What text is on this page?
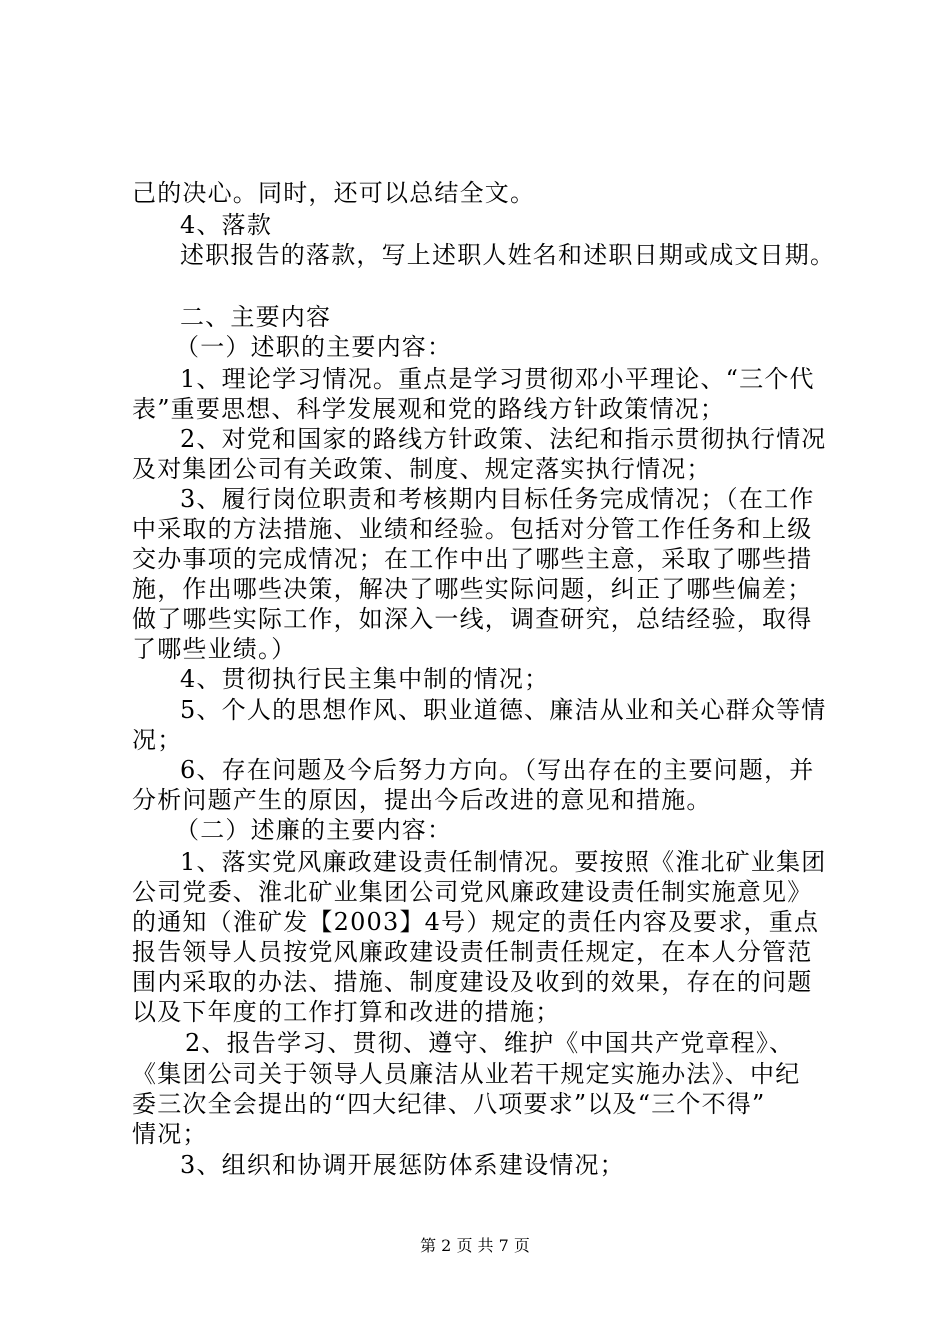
己的决心。同时，还可以总结全文。
4、落款
述职报告的落款，写上述职人姓名和述职日期或成文日期。
二、主要内容
（一）述职的主要内容：
1、理论学习情况。重点是学习贯彻邓小平理论、“三个代
表”重要思想、科学发展观和党的路线方针政策情况；
2、对党和国家的路线方针政策、法纪和指示贯彻执行情况
及对集团公司有关政策、制度、规定落实执行情况；
3、履行岗位职责和考核期内目标任务完成情况；（在工作
中采取的方法措施、业绩和经验。包括对分管工作任务和上级
交办事项的完成情况；在工作中出了哪些主意，采取了哪些措
施，作出哪些决策，解决了哪些实际问题，纠正了哪些偏差；
做了哪些实际工作，如深入一线，调查研究，总结经验，取得
了哪些业绩。）
4、贯彻执行民主集中制的情况；
5、个人的思想作风、职业道德、廉洁从业和关心群众等情
况；
6、存在问题及今后努力方向。（写出存在的主要问题，并
分析问题产生的原因，提出今后改进的意见和措施。
（二）述廉的主要内容：
1、落实党风廉政建设责任制情况。要按照《淮北矿业集团
公司党委、淮北矿业集团公司党风廉政建设责任制实施意见》
的通知（淮矿发【2003】4号）规定的责任内容及要求，重点
报告领导人员按党风廉政建设责任制责任规定，在本人分管范
围内采取的办法、措施、制度建设及收到的效果，存在的问题
以及下年度的工作打算和改进的措施；
2、报告学习、贯彻、遵守、维护《中国共产党章程》、
《集团公司关于领导人员廉洁从业若干规定实施办法》、中纪
委三次全会提出的“四大纪律、八项要求”以及“三个不得”
情况；
3、组织和协调开展惩防体系建设情况；
第 2 页 共 7 页
